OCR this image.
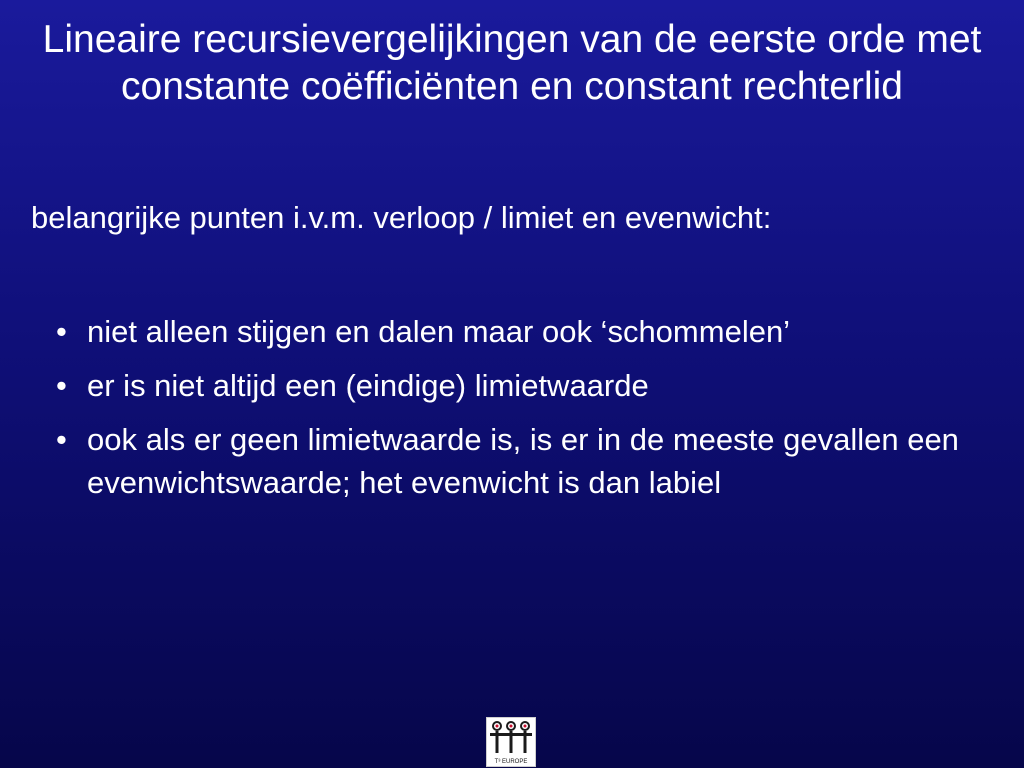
Lineaire recursievergelijkingen van de eerste orde met constante coëfficiënten en constant rechterlid

belangrijke punten i.v.m. verloop / limiet en evenwicht:

• niet alleen stijgen en dalen maar ook ‘schommelen’
• er is niet altijd een (eindige) limietwaarde
• ook als er geen limietwaarde is, is er in de meeste gevallen een evenwichtswaarde; het evenwicht is dan labiel
T³ EUROPE
